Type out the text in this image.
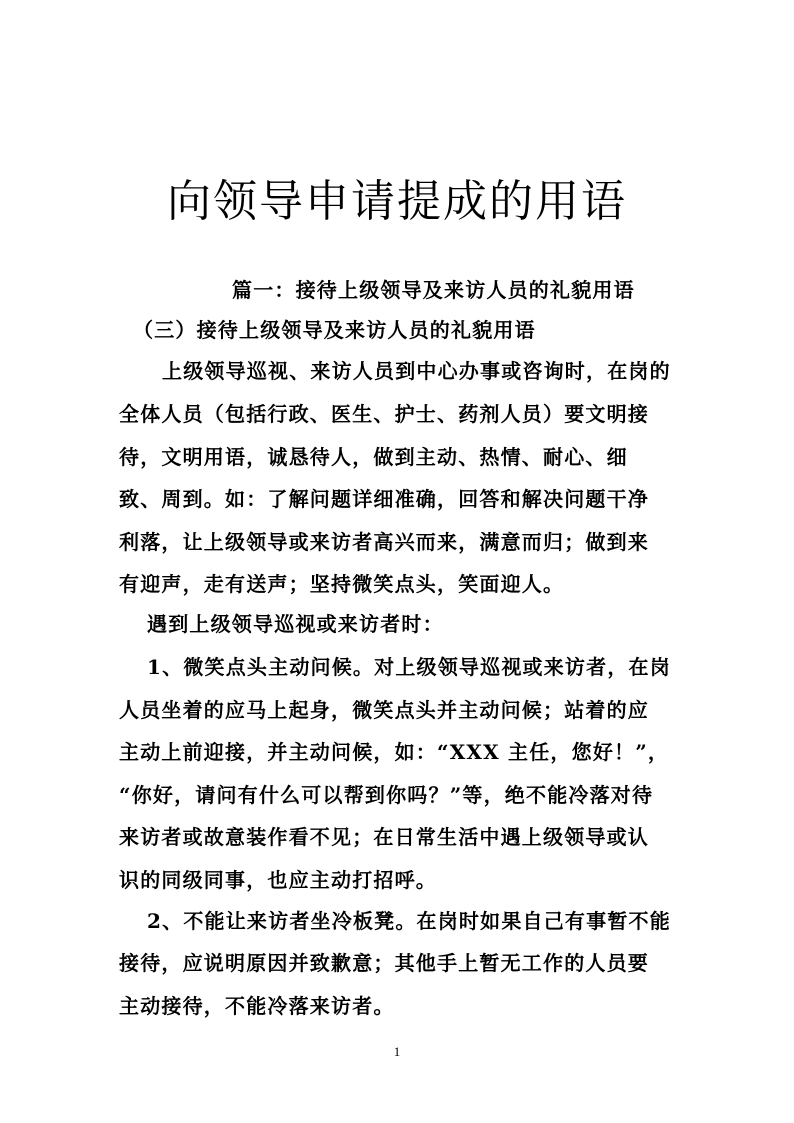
向领导申请提成的用语
篇一：接待上级领导及来访人员的礼貌用语
（三）接待上级领导及来访人员的礼貌用语
上级领导巡视、来访人员到中心办事或咨询时，在岗的
全体人员（包括行政、医生、护士、药剂人员）要文明接
待，文明用语，诚恳待人，做到主动、热情、耐心、细
致、周到。如：了解问题详细准确，回答和解决问题干净
利落，让上级领导或来访者高兴而来，满意而归；做到来
有迎声，走有送声；坚持微笑点头，笑面迎人。
遇到上级领导巡视或来访者时：
1、微笑点头主动问候。对上级领导巡视或来访者，在岗
人员坐着的应马上起身，微笑点头并主动问候；站着的应
主动上前迎接，并主动问候，如：“XXX 主任，您好！”，
“你好，请问有什么可以帮到你吗？”等，绝不能冷落对待
来访者或故意装作看不见；在日常生活中遇上级领导或认
识的同级同事，也应主动打招呼。
2、不能让来访者坐冷板凳。在岗时如果自己有事暂不能
接待，应说明原因并致歉意；其他手上暂无工作的人员要
主动接待，不能冷落来访者。
1
